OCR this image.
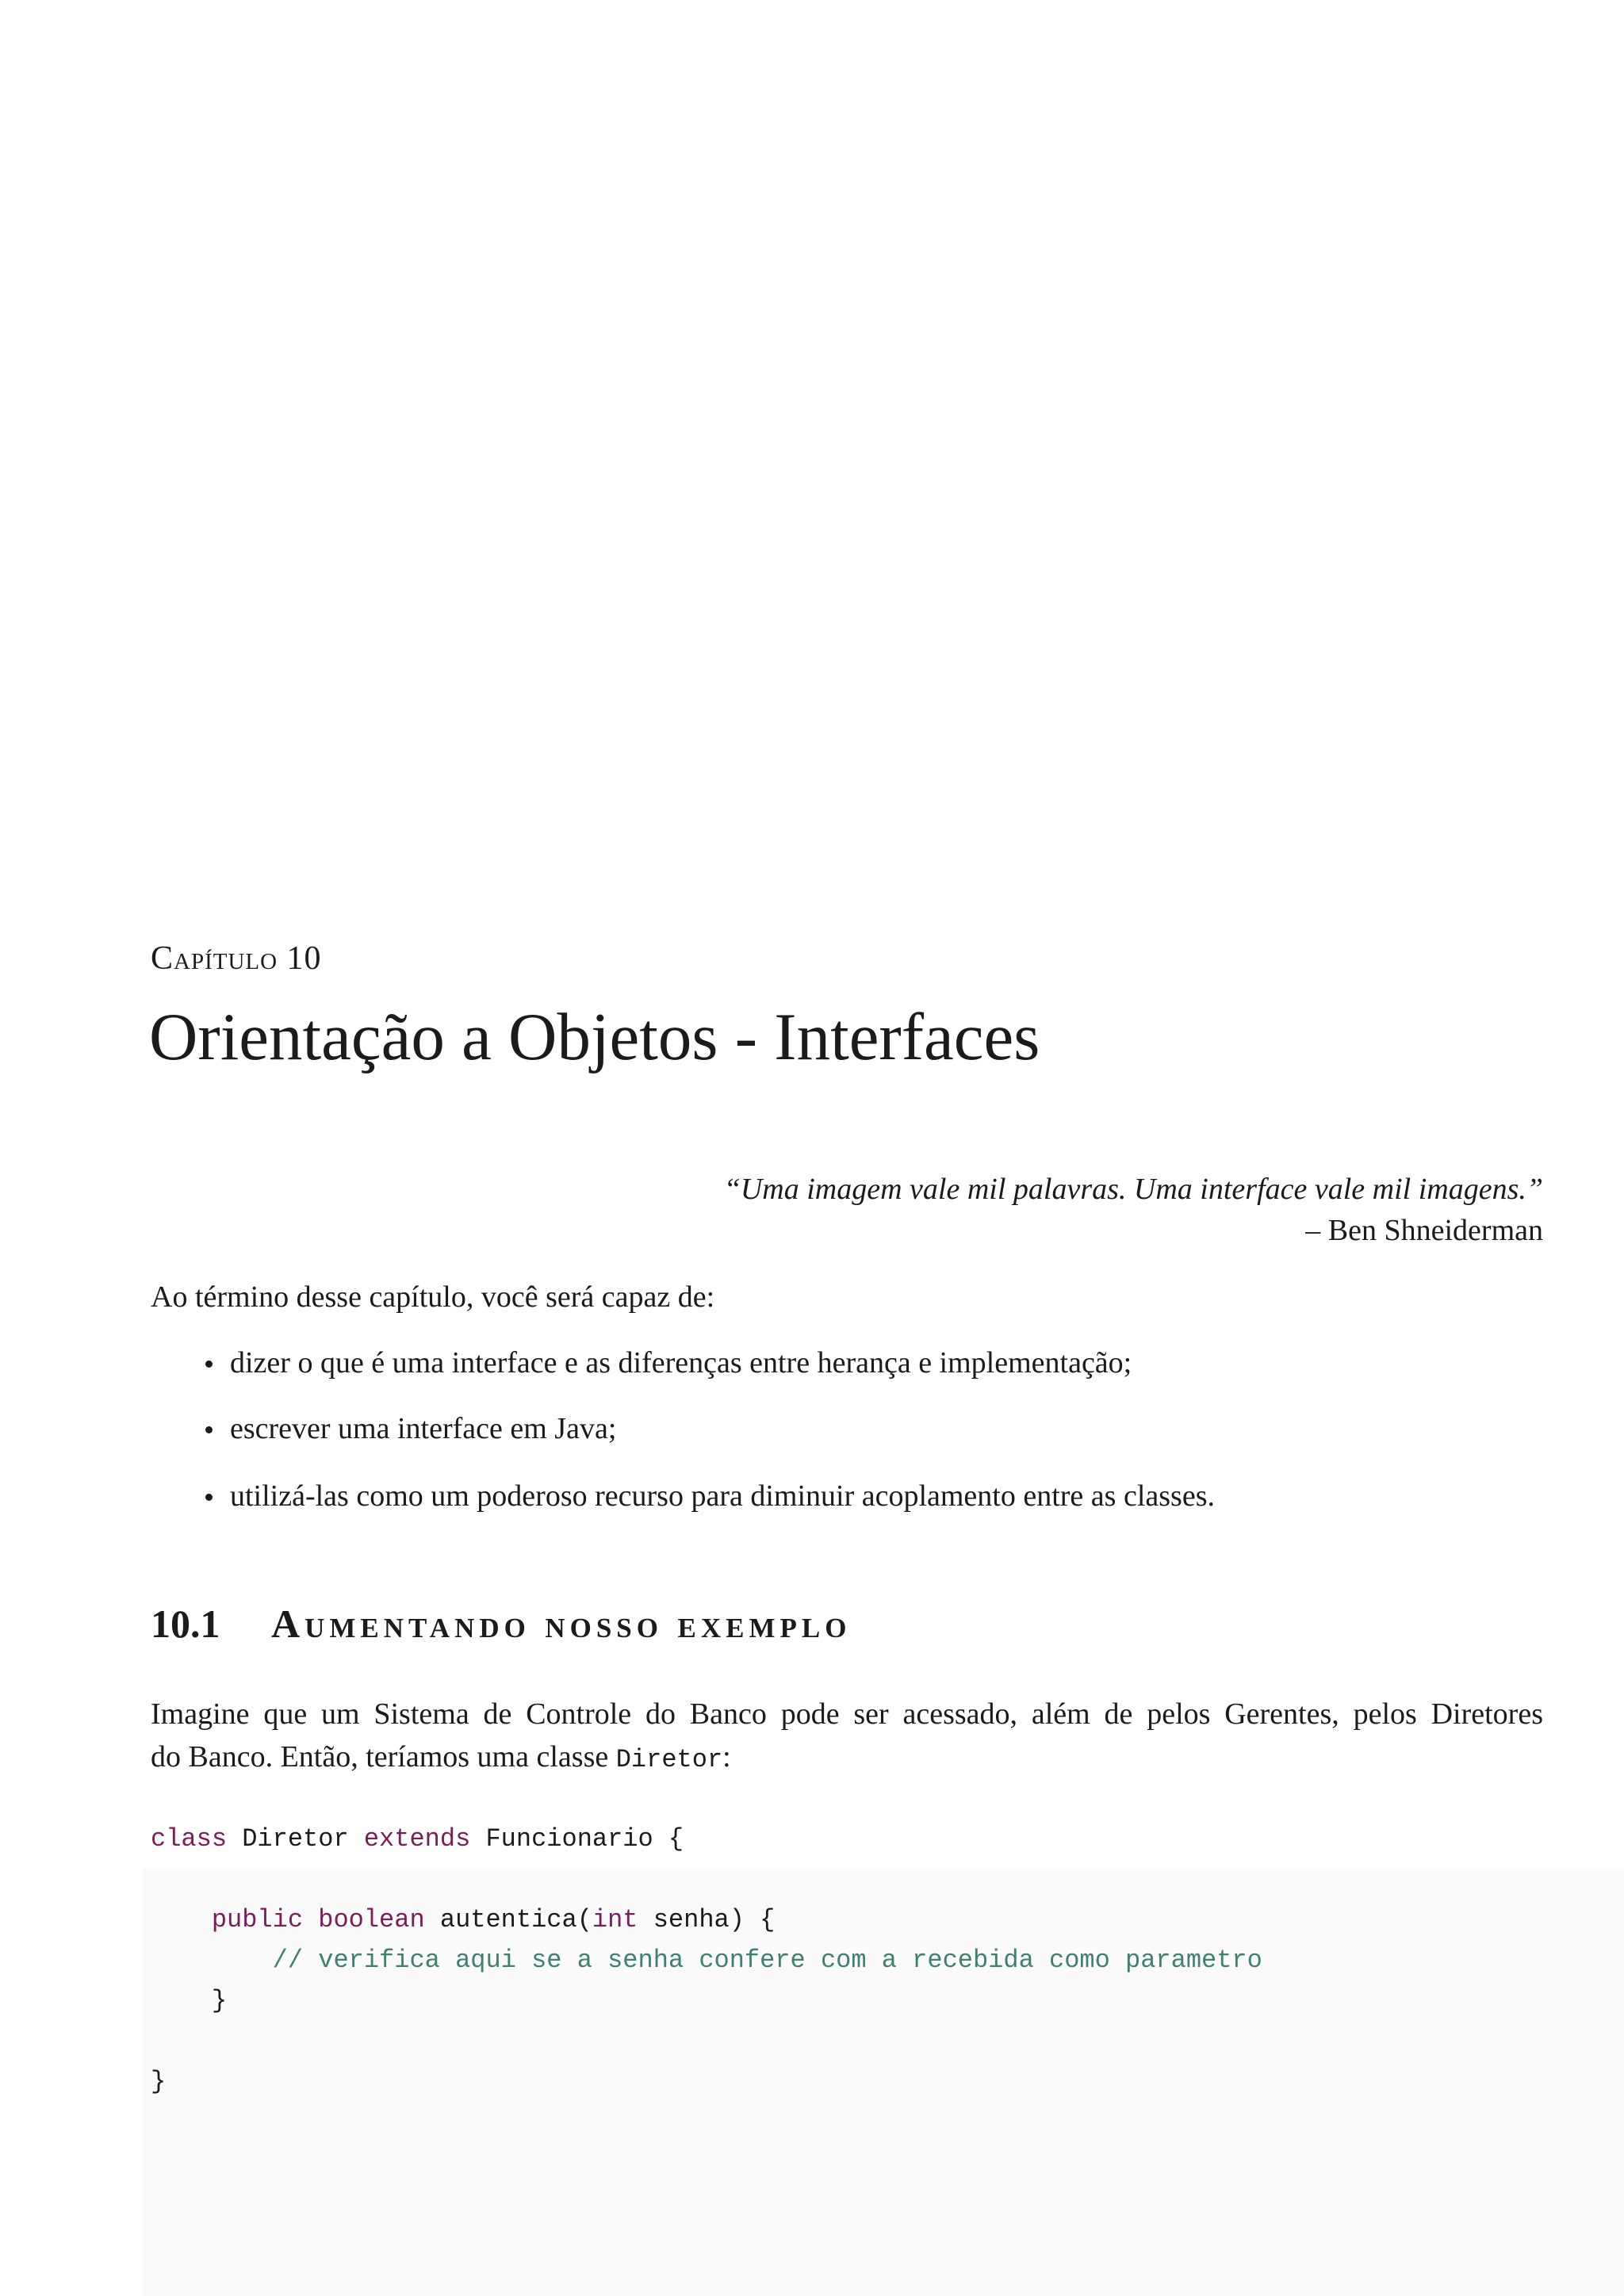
Capítulo 10
Orientação a Objetos - Interfaces
“Uma imagem vale mil palavras. Uma interface vale mil imagens.”
– Ben Shneiderman
Ao término desse capítulo, você será capaz de:
dizer o que é uma interface e as diferenças entre herança e implementação;
escrever uma interface em Java;
utilizá-las como um poderoso recurso para diminuir acoplamento entre as classes.
10.1 Aumentando nosso exemplo
Imagine que um Sistema de Controle do Banco pode ser acessado, além de pelos Gerentes, pelos Diretores
do Banco. Então, teríamos uma classe Diretor:
class Diretor extends Funcionario {
public boolean autentica(int senha) {
// verifica aqui se a senha confere com a recebida como parametro
}
}
